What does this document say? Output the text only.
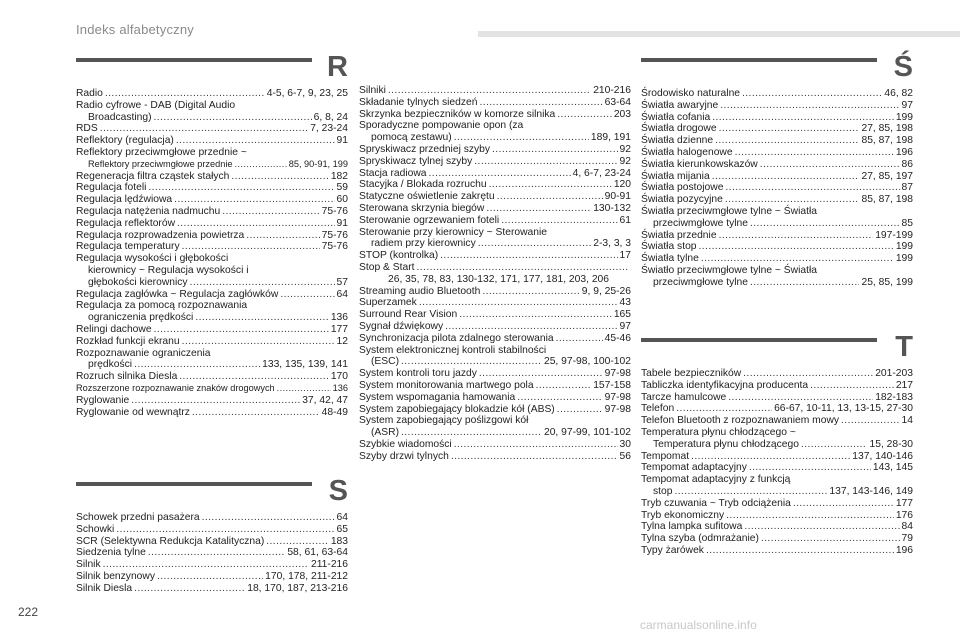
Indeks alfabetyczny
R
Radio .....	4-5, 6-7, 9, 23, 25
Radio cyfrowe - DAB (Digital Audio
Broadcasting) .....	6, 8, 24
RDS .....	7, 23-24
Reflektory (regulacja) .....	91
Reflektory przeciwmgłowe przednie ~
Reflektory przeciwmgłowe przednie .....	85, 90-91, 199
Regeneracja filtra cząstek stałych .....	182
Regulacja foteli .....	59
Regulacja lędźwiowa .....	60
Regulacja natężenia nadmuchu .....	75-76
Regulacja reflektorów .....	91
Regulacja rozprowadzenia powietrza .....	75-76
Regulacja temperatury .....	75-76
Regulacja wysokości i głębokości
kierownicy ~ Regulacja wysokości i
głębokości kierownicy .....	57
Regulacja zagłówka ~ Regulacja zagłówków .....	64
Regulacja za pomocą rozpoznawania
ograniczenia prędkości .....	136
Relingi dachowe .....	177
Rozkład funkcji ekranu .....	12
Rozpoznawanie ograniczenia
prędkości .....	133, 135, 139, 141
Rozruch silnika Diesla .....	170
Rozszerzone rozpoznawanie znaków drogowych .....	136
Ryglowanie .....	37, 42, 47
Ryglowanie od wewnątrz .....	48-49
S
Schowek przedni pasażera .....	64
Schowki .....	65
SCR (Selektywna Redukcja Katalityczna) .....	183
Siedzenia tylne .....	58, 61, 63-64
Silnik .....	211-216
Silnik benzynowy .....	170, 178, 211-212
Silnik Diesla .....	18, 170, 187, 213-216
Silniki .....	210-216
Składanie tylnych siedzeń .....	63-64
Skrzynka bezpieczników w komorze silnika .....	203
Sporadyczne pompowanie opon (za
pomocą zestawu) .....	189, 191
Spryskiwacz przedniej szyby .....	92
Spryskiwacz tylnej szyby .....	92
Stacja radiowa .....	4, 6-7, 23-24
Stacyjka / Blokada rozruchu .....	120
Statyczne oświetlenie zakrętu .....	90-91
Sterowana skrzynia biegów .....	130-132
Sterowanie ogrzewaniem foteli .....	61
Sterowanie przy kierownicy ~ Sterowanie
radiem przy kierownicy .....	2-3, 3, 3
STOP (kontrolka) .....	17
Stop & Start
.....
26, 35, 78, 83, 130-132, 171, 177, 181, 203, 206
Streaming audio Bluetooth .....	9, 9, 25-26
Superzamek .....	43
Surround Rear Vision .....	165
Sygnał dźwiękowy .....	97
Synchronizacja pilota zdalnego sterowania .....	45-46
System elektronicznej kontroli stabilności
(ESC) .....	25, 97-98, 100-102
System kontroli toru jazdy .....	97-98
System monitorowania martwego pola .....	157-158
System wspomagania hamowania .....	97-98
System zapobiegający blokadzie kół (ABS) .....	97-98
System zapobiegający poślizgowi kół
(ASR) .....	20, 97-99, 101-102
Szybkie wiadomości .....	30
Szyby drzwi tylnych .....	56
Ś
Środowisko naturalne .....	46, 82
Światła awaryjne .....	97
Światła cofania .....	199
Światła drogowe .....	27, 85, 198
Światła dzienne .....	85, 87, 198
Światła halogenowe .....	196
Światła kierunkowskazów .....	86
Światła mijania .....	27, 85, 197
Światła postojowe .....	87
Światła pozycyjne .....	85, 87, 198
Światła przeciwmgłowe tylne ~ Światła
przeciwmgłowe tylne .....	85
Światła przednie .....	197-199
Światła stop .....	199
Światła tylne .....	199
Światło przeciwmgłowe tylne ~ Światła
przeciwmgłowe tylne .....	25, 85, 199
T
Tabele bezpieczników .....	201-203
Tabliczka identyfikacyjna producenta .....	217
Tarcze hamulcowe .....	182-183
Telefon .....	66-67, 10-11, 13, 13-15, 27-30
Telefon Bluetooth z rozpoznawaniem mowy .....	14
Temperatura płynu chłodzącego ~
Temperatura płynu chłodzącego .....	15, 28-30
Tempomat .....	137, 140-146
Tempomat adaptacyjny .....	143, 145
Tempomat adaptacyjny z funkcją
stop .....	137, 143-146, 149
Tryb czuwania ~ Tryb odciążenia .....	177
Tryb ekonomiczny .....	176
Tylna lampka sufitowa .....	84
Tylna szyba (odmrażanie) .....	79
Typy żarówek .....	196
222
carmanualsonline.info
